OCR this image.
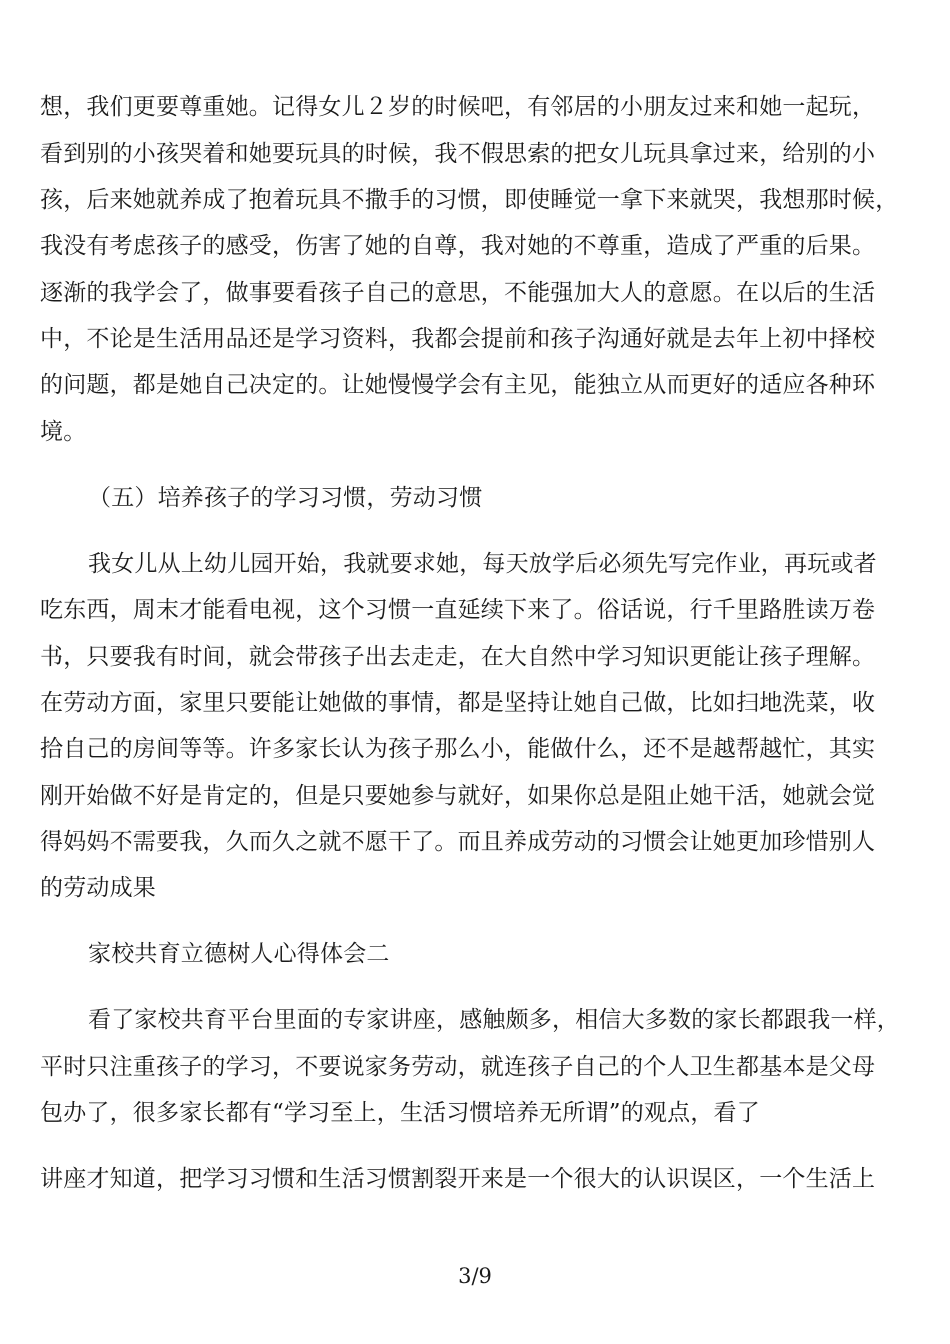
想，我们更要尊重她。记得女儿２岁的时候吧，有邻居的小朋友过来和她一起玩，
看到别的小孩哭着和她要玩具的时候，我不假思索的把女儿玩具拿过来，给别的小
孩，后来她就养成了抱着玩具不撒手的习惯，即使睡觉一拿下来就哭，我想那时候，
我没有考虑孩子的感受，伤害了她的自尊，我对她的不尊重，造成了严重的后果。
逐渐的我学会了，做事要看孩子自己的意思，不能强加大人的意愿。在以后的生活
中，不论是生活用品还是学习资料，我都会提前和孩子沟通好就是去年上初中择校
的问题，都是她自己决定的。让她慢慢学会有主见，能独立从而更好的适应各种环
境。
（五）培养孩子的学习习惯，劳动习惯
我女儿从上幼儿园开始，我就要求她，每天放学后必须先写完作业，再玩或者
吃东西，周末才能看电视，这个习惯一直延续下来了。俗话说，行千里路胜读万卷
书，只要我有时间，就会带孩子出去走走，在大自然中学习知识更能让孩子理解。
在劳动方面，家里只要能让她做的事情，都是坚持让她自己做，比如扫地洗菜，收
拾自己的房间等等。许多家长认为孩子那么小，能做什么，还不是越帮越忙，其实
刚开始做不好是肯定的，但是只要她参与就好，如果你总是阻止她干活，她就会觉
得妈妈不需要我，久而久之就不愿干了。而且养成劳动的习惯会让她更加珍惜别人
的劳动成果
家校共育立德树人心得体会二
看了家校共育平台里面的专家讲座，感触颇多，相信大多数的家长都跟我一样，
平时只注重孩子的学习，不要说家务劳动，就连孩子自己的个人卫生都基本是父母
包办了，很多家长都有“学习至上，生活习惯培养无所谓”的观点，看了
讲座才知道，把学习习惯和生活习惯割裂开来是一个很大的认识误区，一个生活上
3/9
